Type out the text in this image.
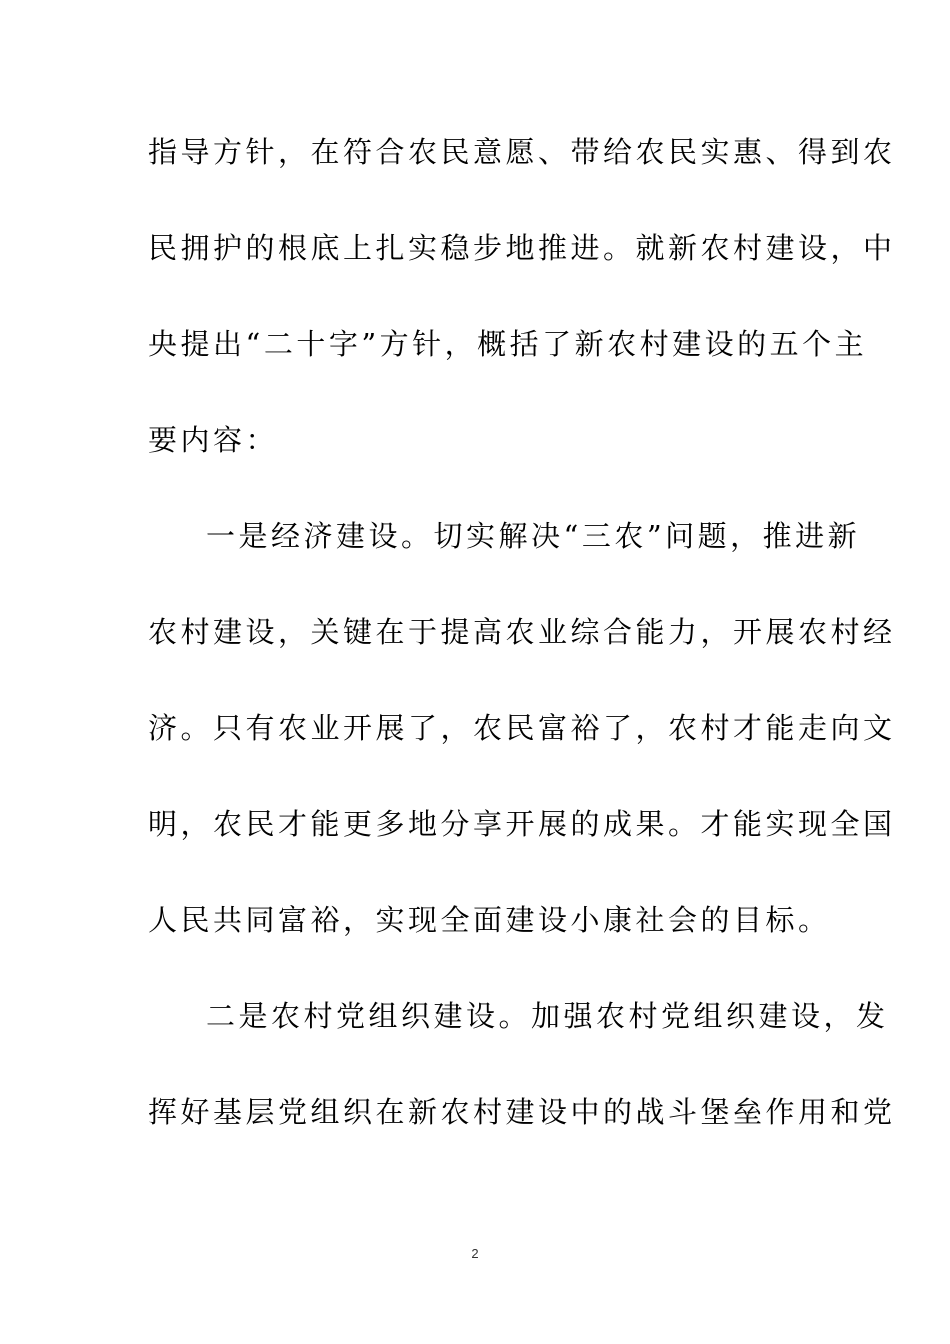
指导方针，在符合农民意愿、带给农民实惠、得到农
民拥护的根底上扎实稳步地推进。就新农村建设，中
央提出“二十字”方针，概括了新农村建设的五个主
要内容：
一是经济建设。切实解决“三农”问题，推进新
农村建设，关键在于提高农业综合能力，开展农村经
济。只有农业开展了，农民富裕了，农村才能走向文
明，农民才能更多地分享开展的成果。才能实现全国
人民共同富裕，实现全面建设小康社会的目标。
二是农村党组织建设。加强农村党组织建设，发
挥好基层党组织在新农村建设中的战斗堡垒作用和党
2
